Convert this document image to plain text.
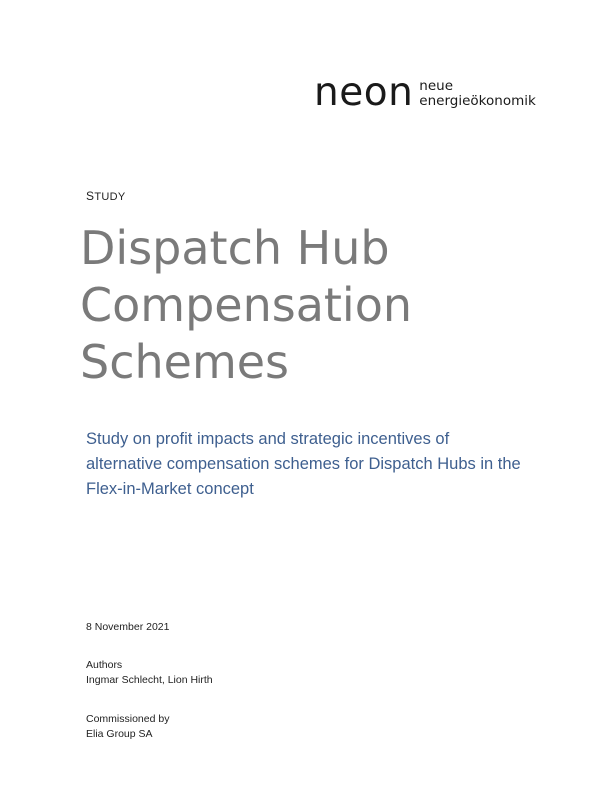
neon neue
energieökonomik
STUDY
Dispatch Hub
Compensation
Schemes
Study on profit impacts and strategic incentives of alternative compensation schemes for Dispatch Hubs in the Flex-in-Market concept
8 November 2021
Authors
Ingmar Schlecht, Lion Hirth
Commissioned by
Elia Group SA
